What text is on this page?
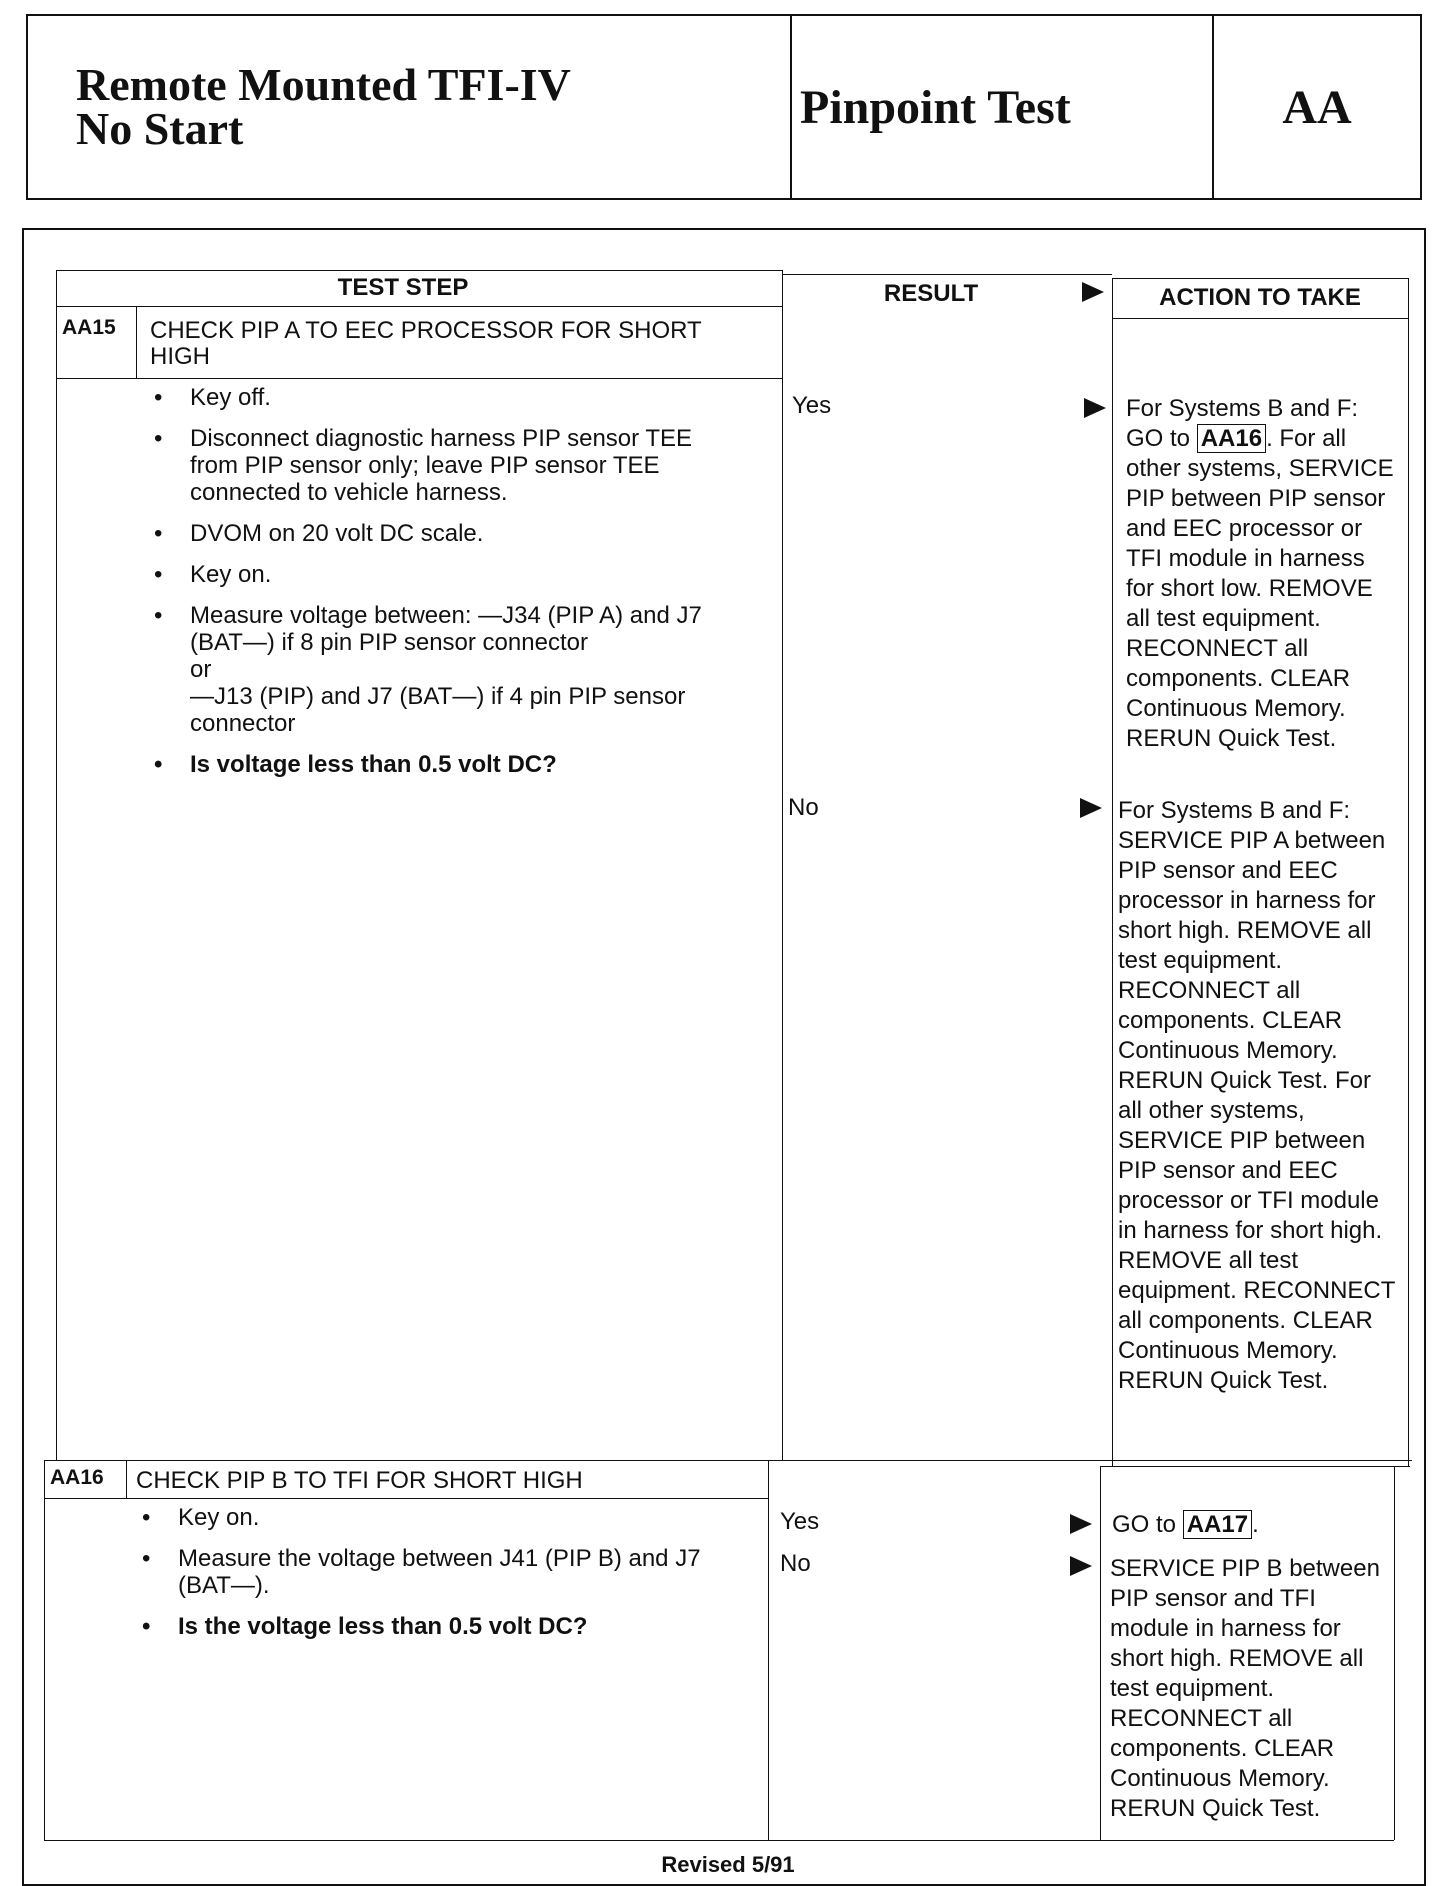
Remote Mounted TFI-IV
No Start	Pinpoint Test	AA
TEST STEP	RESULT	ACTION TO TAKE
AA15 CHECK PIP A TO EEC PROCESSOR FOR SHORT
HIGH
• Key off.
• Disconnect diagnostic harness PIP sensor TEE from PIP sensor only; leave PIP sensor TEE connected to vehicle harness.
• DVOM on 20 volt DC scale.
• Key on.
• Measure voltage between: —J34 (PIP A) and J7 (BAT—) if 8 pin PIP sensor connector
or
—J13 (PIP) and J7 (BAT—) if 4 pin PIP sensor connector
• Is voltage less than 0.5 volt DC?
Yes	For Systems B and F: GO to AA16 . For all other systems, SERVICE PIP between PIP sensor and EEC processor or TFI module in harness for short low. REMOVE all test equipment. RECONNECT all components. CLEAR Continuous Memory. RERUN Quick Test.
No	For Systems B and F: SERVICE PIP A between PIP sensor and EEC processor in harness for short high. REMOVE all test equipment. RECONNECT all components. CLEAR Continuous Memory. RERUN Quick Test. For all other systems, SERVICE PIP between PIP sensor and EEC processor or TFI module in harness for short high. REMOVE all test equipment. RECONNECT all components. CLEAR Continuous Memory. RERUN Quick Test.
AA16 CHECK PIP B TO TFI FOR SHORT HIGH
• Key on.
• Measure the voltage between J41 (PIP B) and J7 (BAT—).
• Is the voltage less than 0.5 volt DC?
Yes	GO to AA17 .
No	SERVICE PIP B between PIP sensor and TFI module in harness for short high. REMOVE all test equipment. RECONNECT all components. CLEAR Continuous Memory. RERUN Quick Test.
Revised 5/91
